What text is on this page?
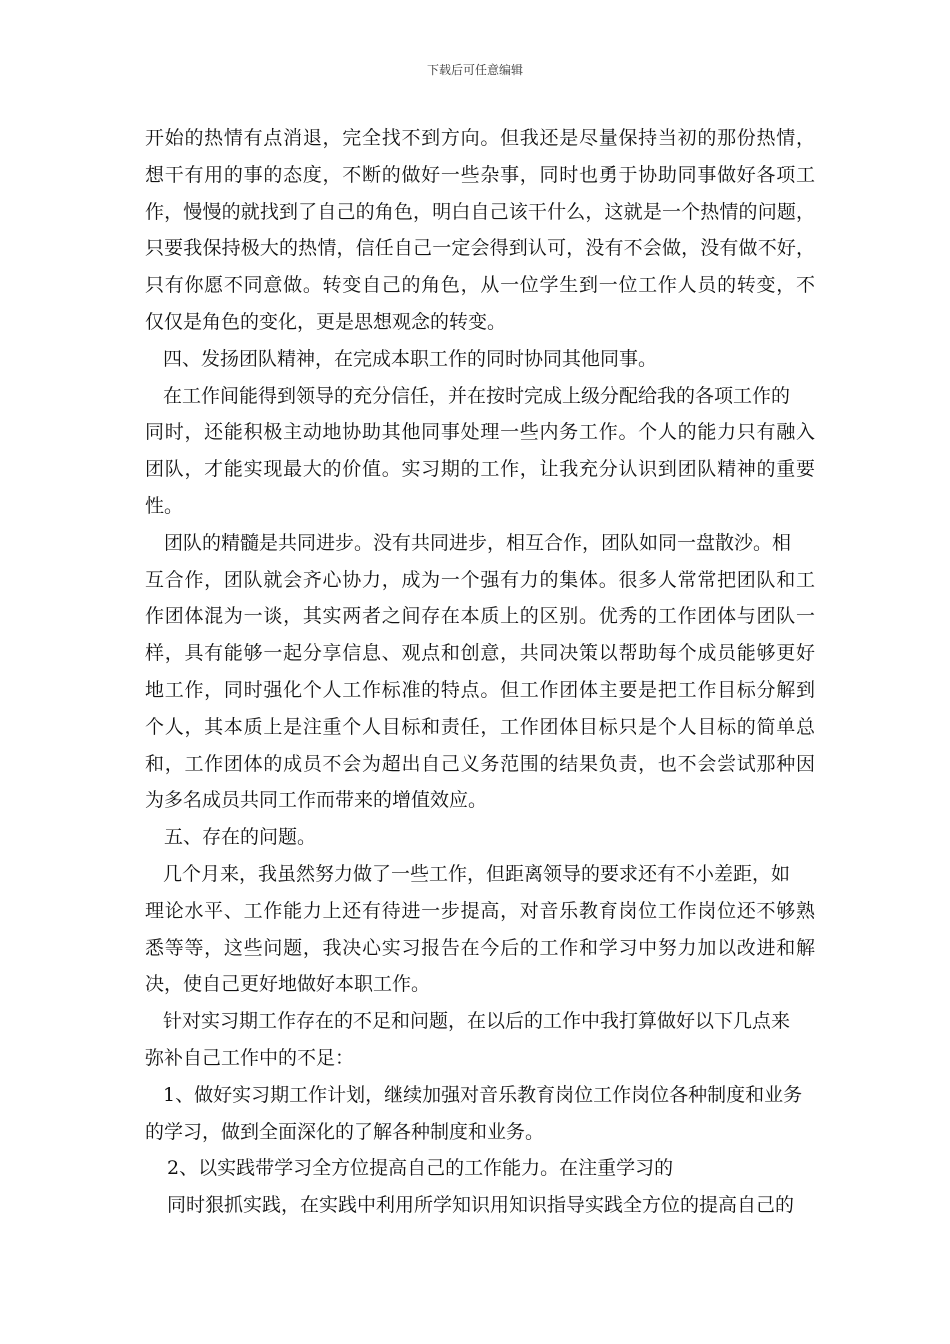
下载后可任意编辑
开始的热情有点消退，完全找不到方向。但我还是尽量保持当初的那份热情，
想干有用的事的态度，不断的做好一些杂事，同时也勇于协助同事做好各项工
作，慢慢的就找到了自己的角色，明白自己该干什么，这就是一个热情的问题，
只要我保持极大的热情，信任自己一定会得到认可，没有不会做，没有做不好，
只有你愿不同意做。转变自己的角色，从一位学生到一位工作人员的转变，不
仅仅是角色的变化，更是思想观念的转变。
四、发扬团队精神，在完成本职工作的同时协同其他同事。
在工作间能得到领导的充分信任，并在按时完成上级分配给我的各项工作的
同时，还能积极主动地协助其他同事处理一些内务工作。个人的能力只有融入
团队，才能实现最大的价值。实习期的工作，让我充分认识到团队精神的重要
性。
团队的精髓是共同进步。没有共同进步，相互合作，团队如同一盘散沙。相
互合作，团队就会齐心协力，成为一个强有力的集体。很多人常常把团队和工
作团体混为一谈，其实两者之间存在本质上的区别。优秀的工作团体与团队一
样，具有能够一起分享信息、观点和创意，共同决策以帮助每个成员能够更好
地工作，同时强化个人工作标准的特点。但工作团体主要是把工作目标分解到
个人，其本质上是注重个人目标和责任，工作团体目标只是个人目标的简单总
和，工作团体的成员不会为超出自己义务范围的结果负责，也不会尝试那种因
为多名成员共同工作而带来的增值效应。
五、存在的问题。
几个月来，我虽然努力做了一些工作，但距离领导的要求还有不小差距，如
理论水平、工作能力上还有待进一步提高，对音乐教育岗位工作岗位还不够熟
悉等等，这些问题，我决心实习报告在今后的工作和学习中努力加以改进和解
决，使自己更好地做好本职工作。
针对实习期工作存在的不足和问题，在以后的工作中我打算做好以下几点来
弥补自己工作中的不足：
1、做好实习期工作计划，继续加强对音乐教育岗位工作岗位各种制度和业务
的学习，做到全面深化的了解各种制度和业务。
2、以实践带学习全方位提高自己的工作能力。在注重学习的
同时狠抓实践，在实践中利用所学知识用知识指导实践全方位的提高自己的
